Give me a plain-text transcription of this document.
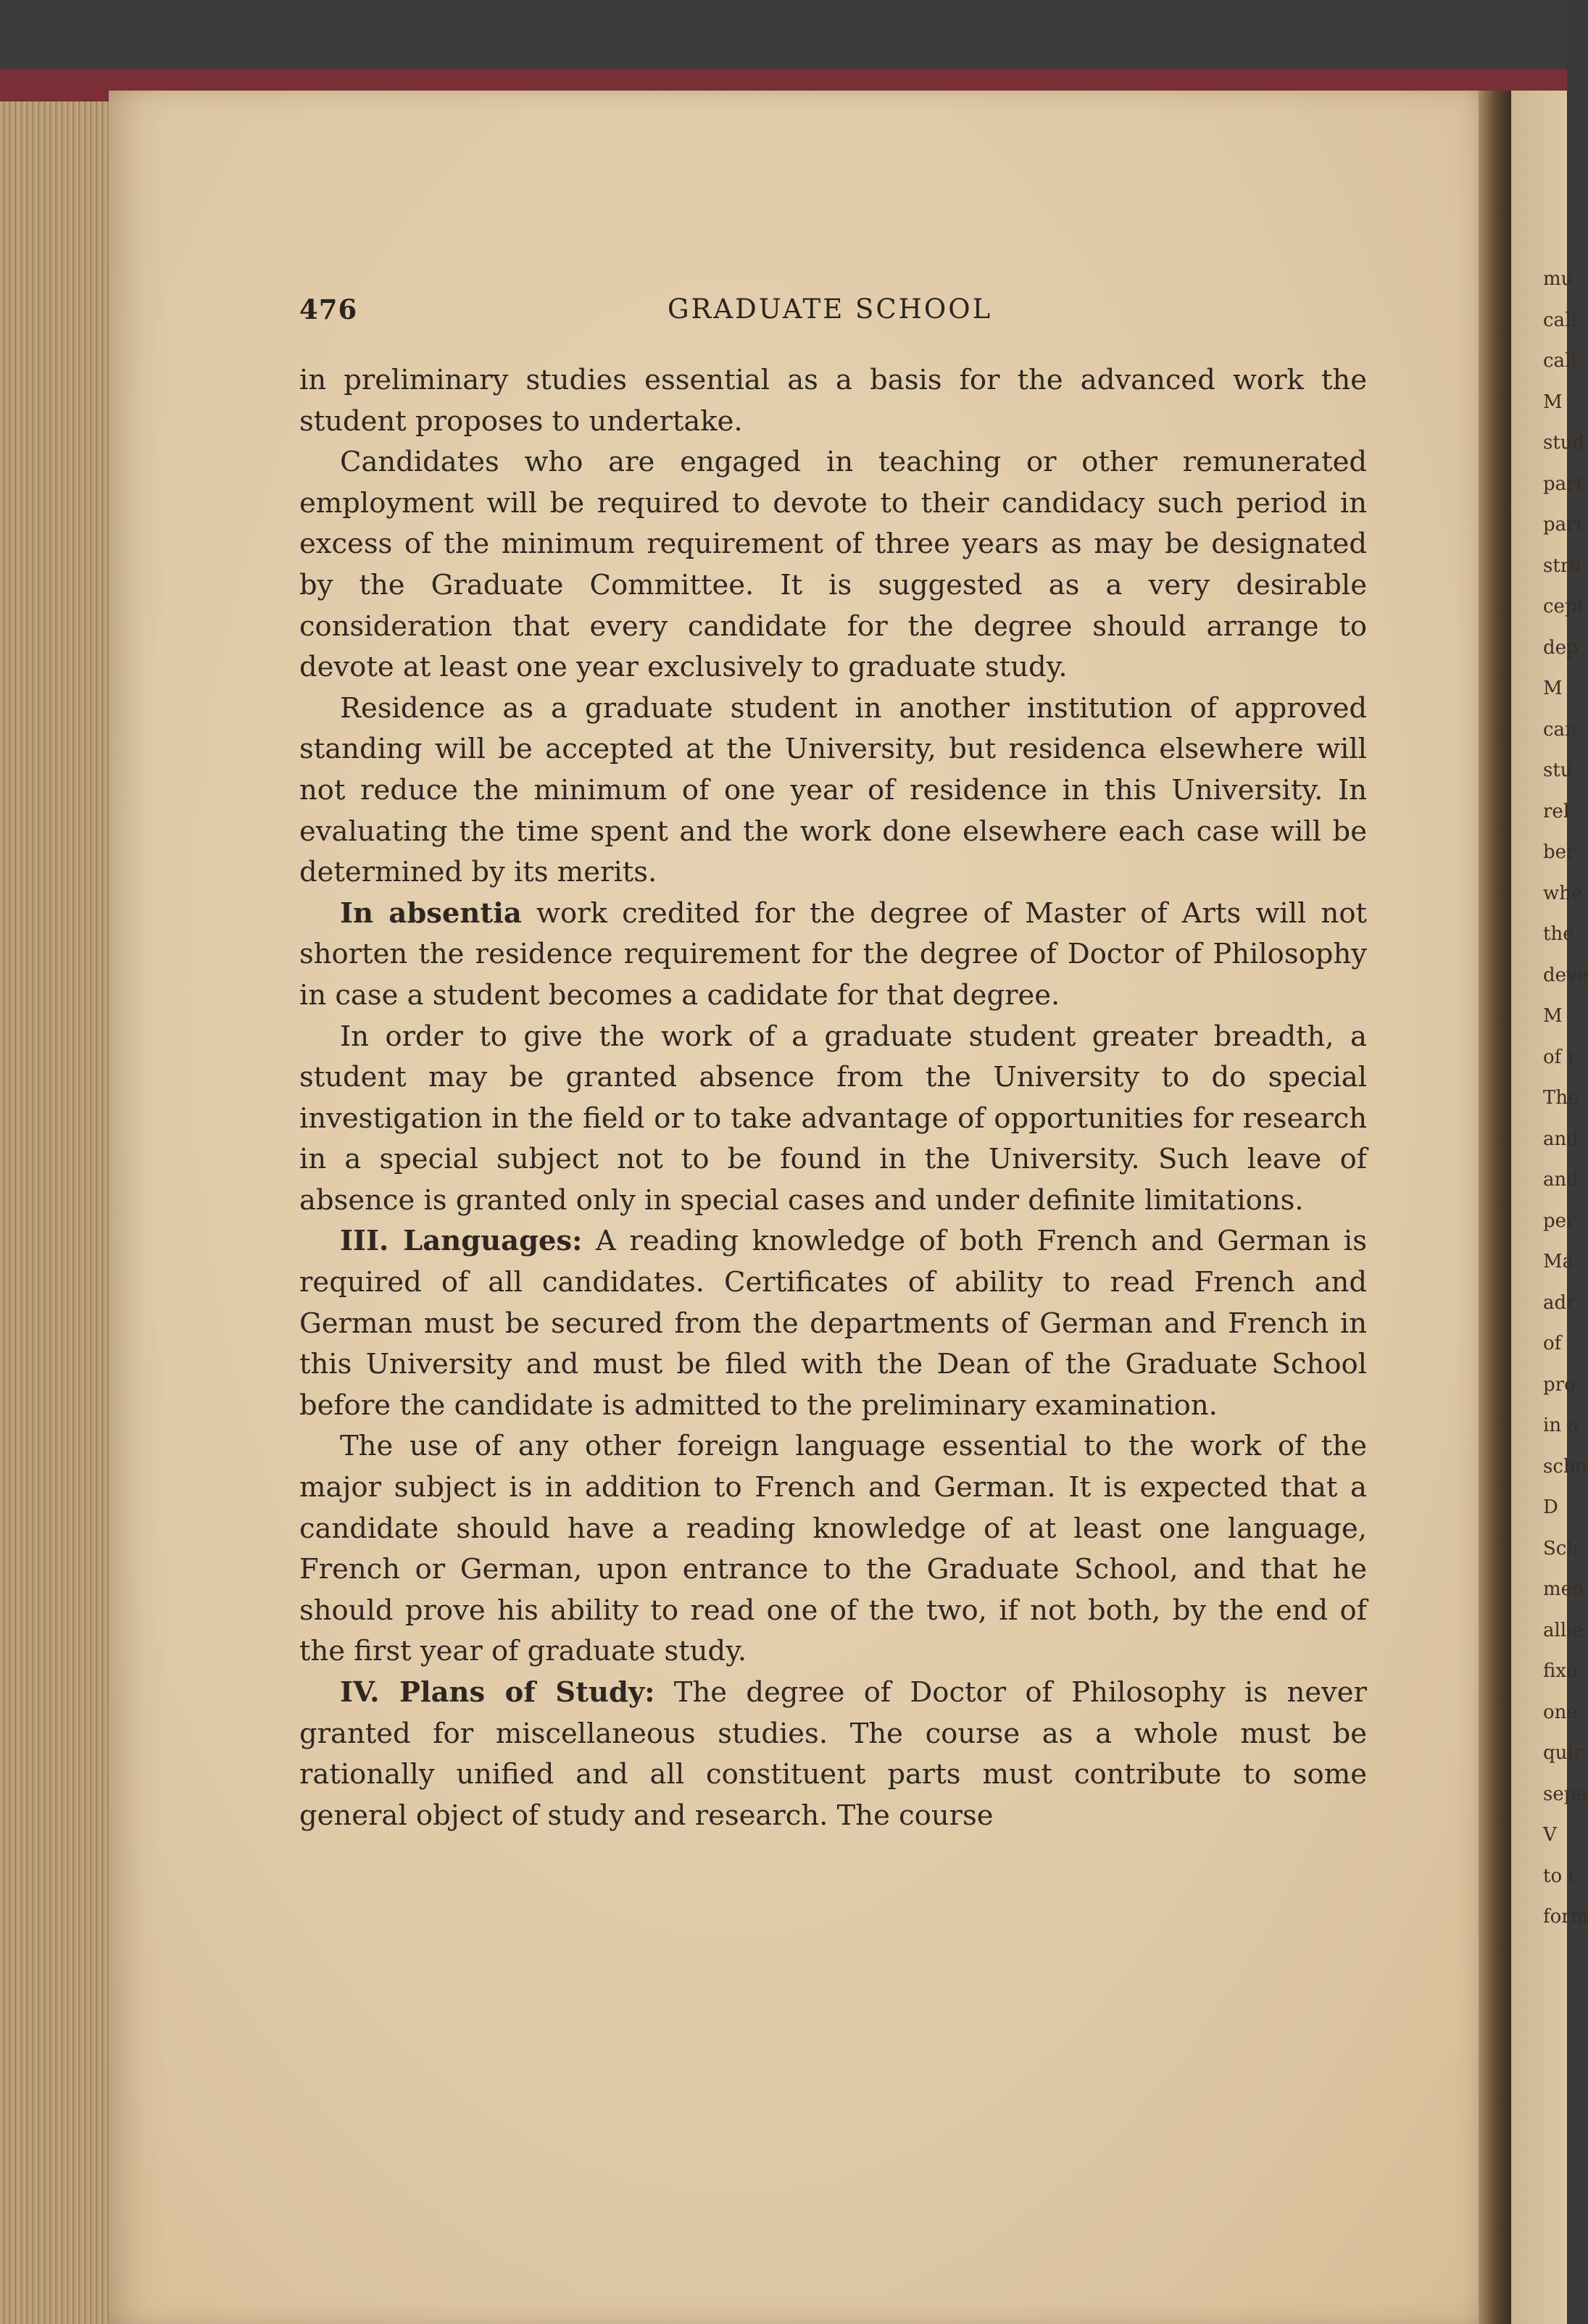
476	GRADUATE SCHOOL

in preliminary studies essential as a basis for the advanced work the student proposes to undertake.

Candidates who are engaged in teaching or other remunerated employment will be required to devote to their candidacy such period in excess of the minimum requirement of three years as may be designated by the Graduate Committee. It is suggested as a very desirable consideration that every candidate for the degree should arrange to devote at least one year exclusively to graduate study.

Residence as a graduate student in another institution of approved standing will be accepted at the University, but residenca elsewhere will not reduce the minimum of one year of residence in this University. In evaluating the time spent and the work done elsewhere each case will be determined by its merits.

In absentia work credited for the degree of Master of Arts will not shorten the residence requirement for the degree of Doctor of Philosophy in case a student becomes a cadidate for that degree.

In order to give the work of a graduate student greater breadth, a student may be granted absence from the University to do special investigation in the field or to take advantage of opportunities for research in a special subject not to be found in the University. Such leave of absence is granted only in special cases and under definite limitations.

III. Languages: A reading knowledge of both French and German is required of all candidates. Certificates of ability to read French and German must be secured from the departments of German and French in this University and must be filed with the Dean of the Graduate School before the candidate is admitted to the preliminary examination.

The use of any other foreign language essential to the work of the major subject is in addition to French and German. It is expected that a candidate should have a reading knowledge of at least one language, French or German, upon entrance to the Graduate School, and that he should prove his ability to read one of the two, if not both, by the end of the first year of graduate study.

IV. Plans of Study: The degree of Doctor of Philosophy is never granted for miscellaneous studies. The course as a whole must be rationally unified and all constituent parts must contribute to some general object of study and research. The course

mu
call
call
M
stud
part
part
stru
cept
dep
M
can
stu
rel
ber
whe
the
deve
M
of t
The
and
and
per
Ma
adr
of
pro
in a
scho
D
Sch
men
allie
fixe
one
quir
sepa
V
to t
form
